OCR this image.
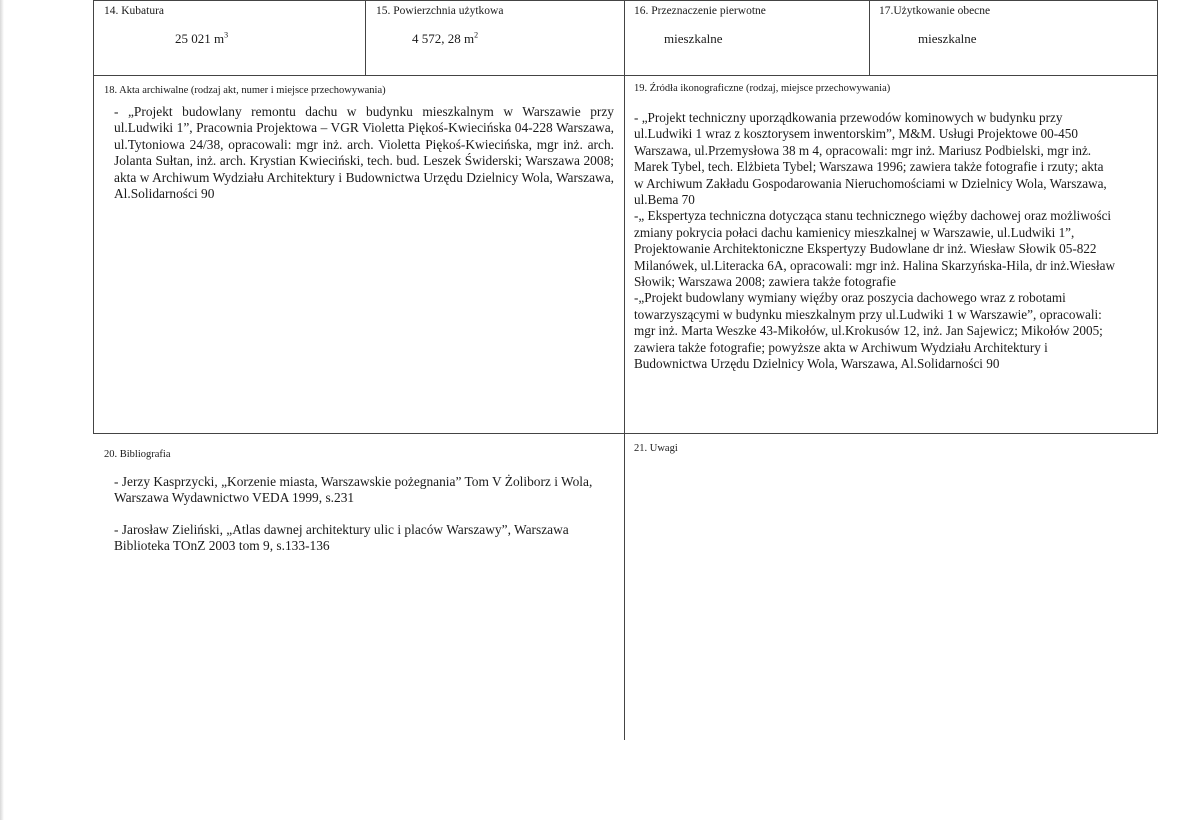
14. Kubatura
25 021 $m^3$
15. Powierzchnia użytkowa
4 572, 28 $m^2$
16. Przeznaczenie pierwotne
mieszkalne
17.Użytkowanie obecne
mieszkalne
18. Akta archiwalne (rodzaj akt, numer i miejsce przechowywania)
- „Projekt budowlany remontu dachu w budynku mieszkalnym w Warszawie przy ul.Ludwiki 1”, Pracownia Projektowa – VGR Violetta Piękoś-Kwiecińska 04-228 Warszawa, ul.Tytoniowa 24/38, opracowali: mgr inż. arch. Violetta Piękoś-Kwiecińska, mgr inż. arch. Jolanta Sułtan, inż. arch. Krystian Kwieciński, tech. bud. Leszek Świderski; Warszawa 2008; akta w Archiwum Wydziału Architektury i Budownictwa Urzędu Dzielnicy Wola, Warszawa, Al.Solidarności 90
19. Źródła ikonograficzne (rodzaj, miejsce przechowywania)
- „Projekt techniczny uporządkowania przewodów kominowych w budynku przy
ul.Ludwiki 1 wraz z kosztorysem inwentorskim”, M&M. Usługi Projektowe 00-450
Warszawa, ul.Przemysłowa 38 m 4, opracowali: mgr inż. Mariusz Podbielski, mgr inż.
Marek Tybel, tech. Elżbieta Tybel; Warszawa 1996; zawiera także fotografie i rzuty; akta
w Archiwum Zakładu Gospodarowania Nieruchomościami w Dzielnicy Wola, Warszawa,
ul.Bema 70
-„ Ekspertyza techniczna dotycząca stanu technicznego więźby dachowej oraz możliwości
zmiany pokrycia połaci dachu kamienicy mieszkalnej w Warszawie, ul.Ludwiki 1”,
Projektowanie Architektoniczne Ekspertyzy Budowlane dr inż. Wiesław Słowik 05-822
Milanówek, ul.Literacka 6A, opracowali: mgr inż. Halina Skarzyńska-Hila, dr inż.Wiesław
Słowik; Warszawa 2008; zawiera także fotografie
-„Projekt budowlany wymiany więźby oraz poszycia dachowego wraz z robotami
towarzyszącymi w budynku mieszkalnym przy ul.Ludwiki 1 w Warszawie”, opracowali:
mgr inż. Marta Weszke 43-Mikołów, ul.Krokusów 12, inż. Jan Sajewicz; Mikołów 2005;
zawiera także fotografie; powyższe akta w Archiwum Wydziału Architektury i
Budownictwa Urzędu Dzielnicy Wola, Warszawa, Al.Solidarności 90
20. Bibliografia
- Jerzy Kasprzycki, „Korzenie miasta, Warszawskie pożegnania” Tom V Żoliborz i Wola,
Warszawa Wydawnictwo VEDA 1999, s.231
- Jarosław Zieliński, „Atlas dawnej architektury ulic i placów Warszawy”, Warszawa
Biblioteka TOnZ 2003 tom 9, s.133-136
21. Uwagi
